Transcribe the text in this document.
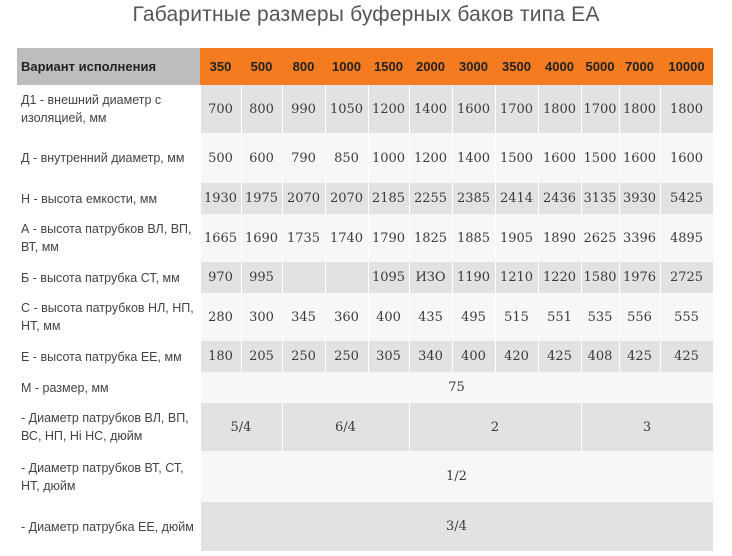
Габаритные размеры буферных баков типа ЕА
Вариант исполнения	350	500	800	1000	1500	2000	3000	3500	4000	5000	7000	10000
Д1 - внешний диаметр с изоляцией, мм	700	800	990	1050	1200	1400	1600	1700	1800	1700	1800	1800
Д - внутренний диаметр, мм	500	600	790	850	1000	1200	1400	1500	1600	1500	1600	1600
Н - высота емкости, мм	1930	1975	2070	2070	2185	2255	2385	2414	2436	3135	3930	5425
А - высота патрубков ВЛ, ВП, ВТ, мм	1665	1690	1735	1740	1790	1825	1885	1905	1890	2625	3396	4895
Б - высота патрубка СТ, мм	970	995			1095	ИЗО	1190	1210	1220	1580	1976	2725
С - высота патрубков НЛ, НП, НТ, мм	280	300	345	360	400	435	495	515	551	535	556	555
Е - высота патрубка ЕЕ, мм	180	205	250	250	305	340	400	420	425	408	425	425
М - размер, мм	75											
- Диаметр патрубков ВЛ, ВП, ВС, НП, Hi НС, дюйм	5/4		6/4			2				3		
- Диаметр патрубков ВТ, СТ, НТ, дюйм	1/2											
- Диаметр патрубка ЕЕ, дюйм	3/4											
